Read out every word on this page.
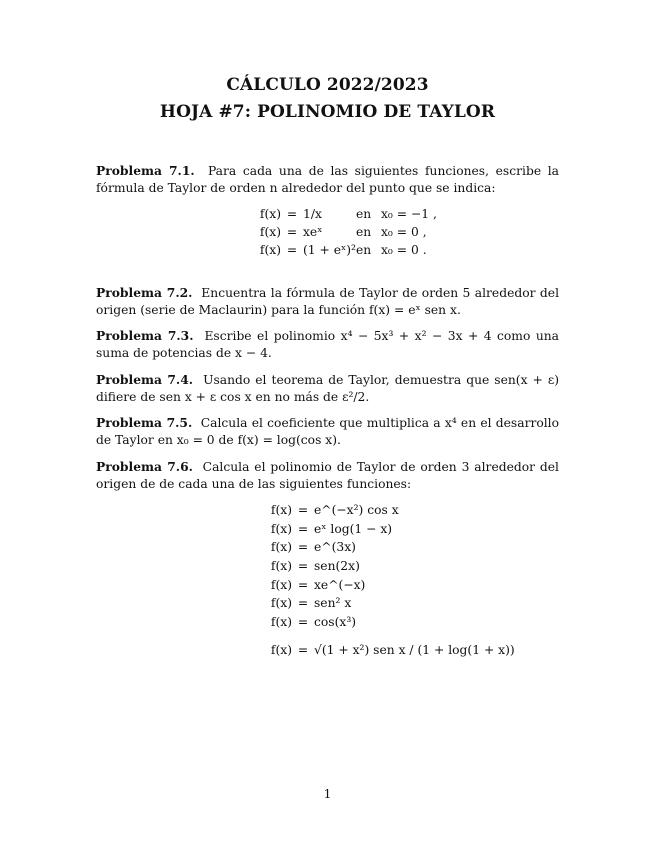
CÁLCULO 2022/2023
HOJA #7: POLINOMIO DE TAYLOR
Problema 7.1. Para cada una de las siguientes funciones, escribe la fórmula de Taylor de orden n alrededor del punto que se indica:
f(x)	=	1/x	en	x₀ = −1 ,
f(x)	=	xeˣ	en	x₀ = 0 ,
f(x)	=	(1 + eˣ)²	en	x₀ = 0 .
Problema 7.2. Encuentra la fórmula de Taylor de orden 5 alrededor del origen (serie de Maclaurin) para la función f(x) = eˣ sen x.
Problema 7.3. Escribe el polinomio x⁴ − 5x³ + x² − 3x + 4 como una suma de potencias de x − 4.
Problema 7.4. Usando el teorema de Taylor, demuestra que sen(x + ε) difiere de sen x + ε cos x en no más de ε²/2.
Problema 7.5. Calcula el coeficiente que multiplica a x⁴ en el desarrollo de Taylor en x₀ = 0 de f(x) = log(cos x).
Problema 7.6. Calcula el polinomio de Taylor de orden 3 alrededor del origen de de cada una de las siguientes funciones:
f(x)	=	e^(−x²) cos x
f(x)	=	eˣ log(1 − x)
f(x)	=	e^(3x)
f(x)	=	sen(2x)
f(x)	=	xe^(−x)
f(x)	=	sen² x
f(x)	=	cos(x³)
f(x)	=	√(1 + x²) sen x / (1 + log(1 + x))
1
